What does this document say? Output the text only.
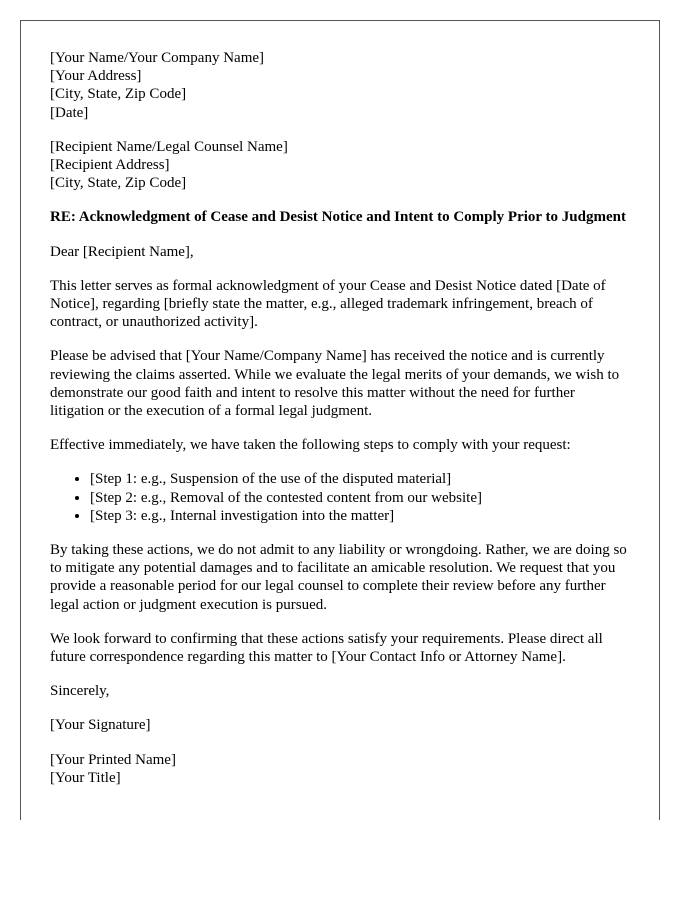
[Your Name/Your Company Name]
[Your Address]
[City, State, Zip Code]
[Date]
[Recipient Name/Legal Counsel Name]
[Recipient Address]
[City, State, Zip Code]

RE: Acknowledgment of Cease and Desist Notice and Intent to Comply Prior to Judgment

Dear [Recipient Name],

This letter serves as formal acknowledgment of your Cease and Desist Notice dated [Date of Notice], regarding [briefly state the matter, e.g., alleged trademark infringement, breach of contract, or unauthorized activity].

Please be advised that [Your Name/Company Name] has received the notice and is currently reviewing the claims asserted. While we evaluate the legal merits of your demands, we wish to demonstrate our good faith and intent to resolve this matter without the need for further litigation or the execution of a formal legal judgment.

Effective immediately, we have taken the following steps to comply with your request:

• [Step 1: e.g., Suspension of the use of the disputed material]
• [Step 2: e.g., Removal of the contested content from our website]
• [Step 3: e.g., Internal investigation into the matter]

By taking these actions, we do not admit to any liability or wrongdoing. Rather, we are doing so to mitigate any potential damages and to facilitate an amicable resolution. We request that you provide a reasonable period for our legal counsel to complete their review before any further legal action or judgment execution is pursued.

We look forward to confirming that these actions satisfy your requirements. Please direct all future correspondence regarding this matter to [Your Contact Info or Attorney Name].

Sincerely,

[Your Signature]

[Your Printed Name]
[Your Title]
